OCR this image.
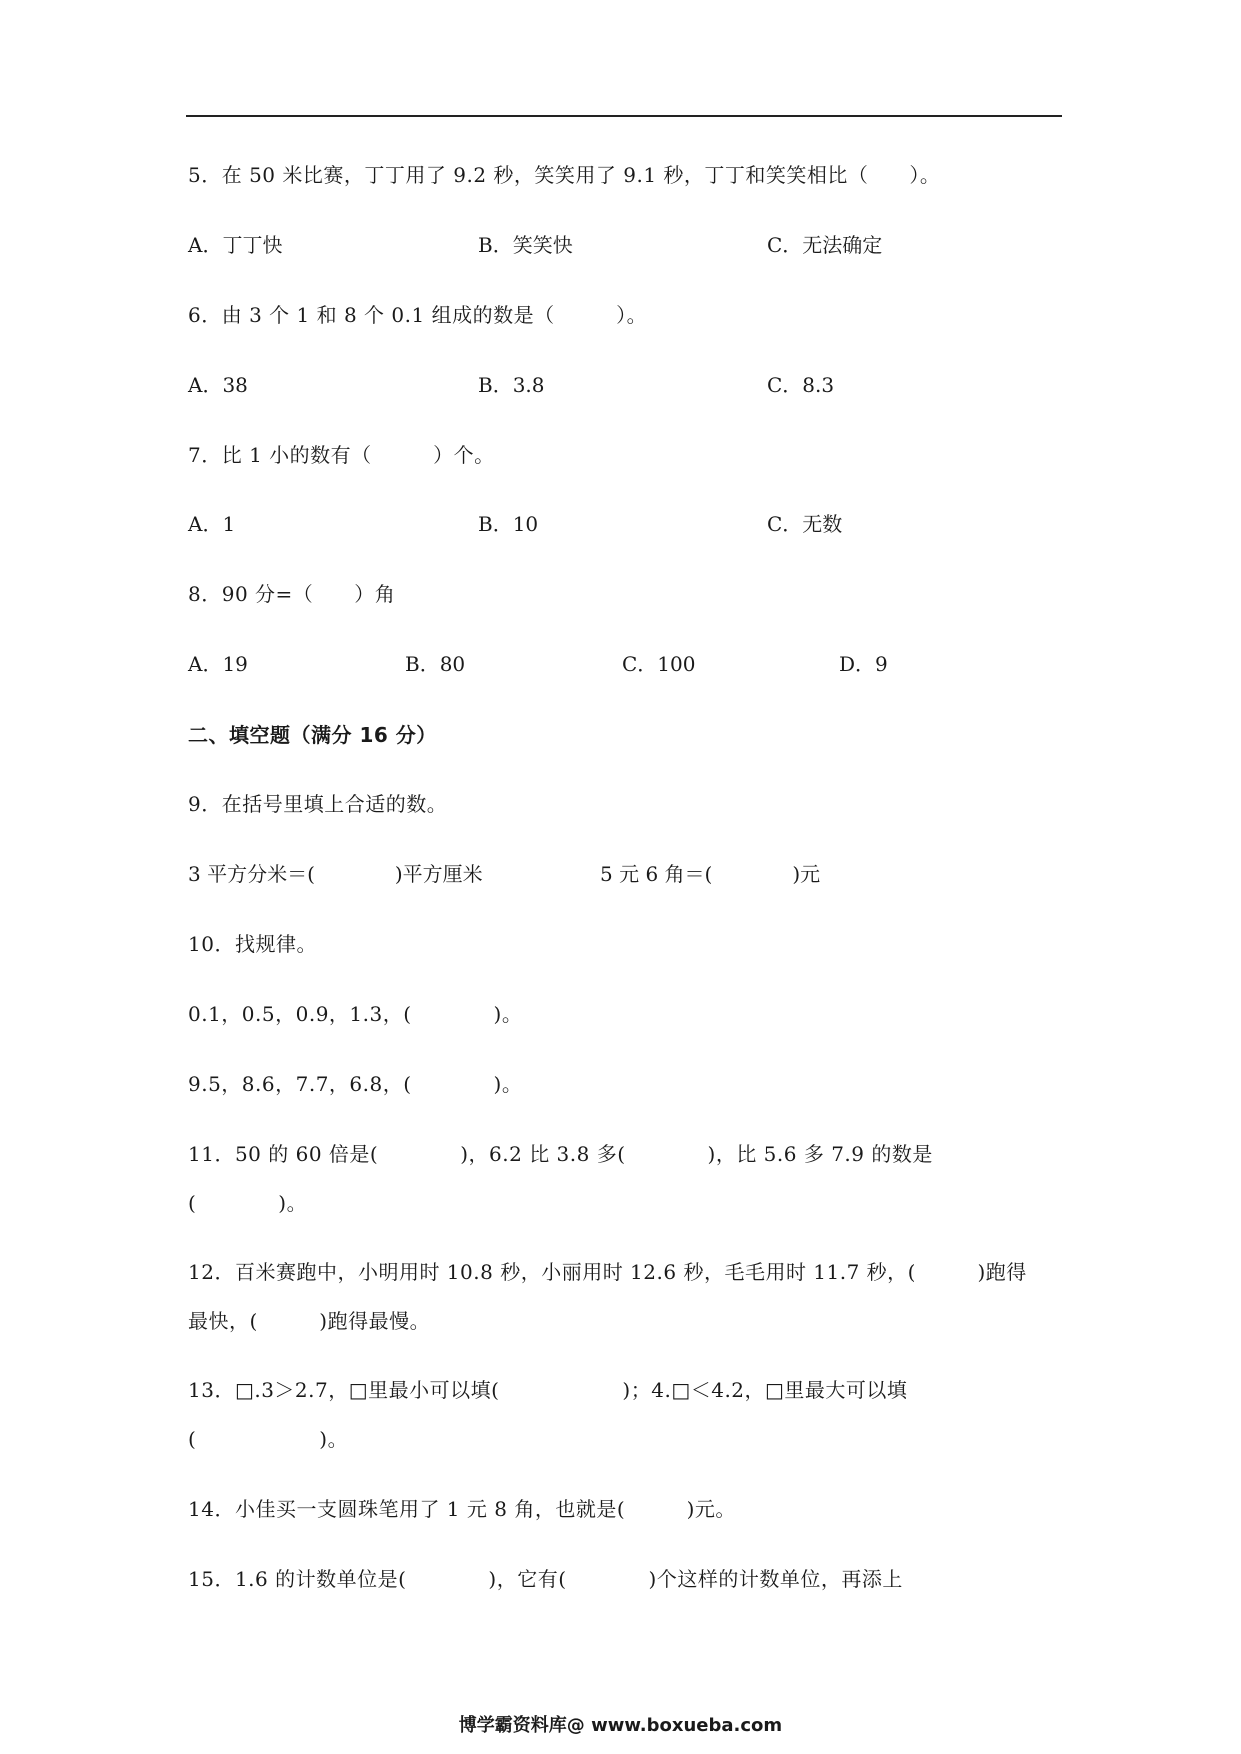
5．在 50 米比赛，丁丁用了 9.2 秒，笑笑用了 9.1 秒，丁丁和笑笑相比（　　）。
A．丁丁快	B．笑笑快	C．无法确定
6．由 3 个 1 和 8 个 0.1 组成的数是（　　　）。
A．38	B．3.8	C．8.3
7．比 1 小的数有（　　　）个。
A．1	B．10	C．无数
8．90 分=（　　）角
A．19	B．80	C．100	D．9
二、填空题（满分 16 分）
9．在括号里填上合适的数。
3 平方分米＝(　　　　)平方厘米	5 元 6 角＝(　　　　)元
10．找规律。
0.1，0.5，0.9，1.3，(　　　　)。
9.5，8.6，7.7，6.8，(　　　　)。
11．50 的 60 倍是(　　　　)，6.2 比 3.8 多(　　　　)，比 5.6 多 7.9 的数是
(　　　　)。
12．百米赛跑中，小明用时 10.8 秒，小丽用时 12.6 秒，毛毛用时 11.7 秒，(　　　)跑得
最快，(　　　)跑得最慢。
13．□.3＞2.7，□里最小可以填(　　　　　　)；4.□＜4.2，□里最大可以填
(　　　　　　)。
14．小佳买一支圆珠笔用了 1 元 8 角，也就是(　　　)元。
15．1.6 的计数单位是(　　　　)，它有(　　　　)个这样的计数单位，再添上
博学霸资料库@ www.boxueba.com
